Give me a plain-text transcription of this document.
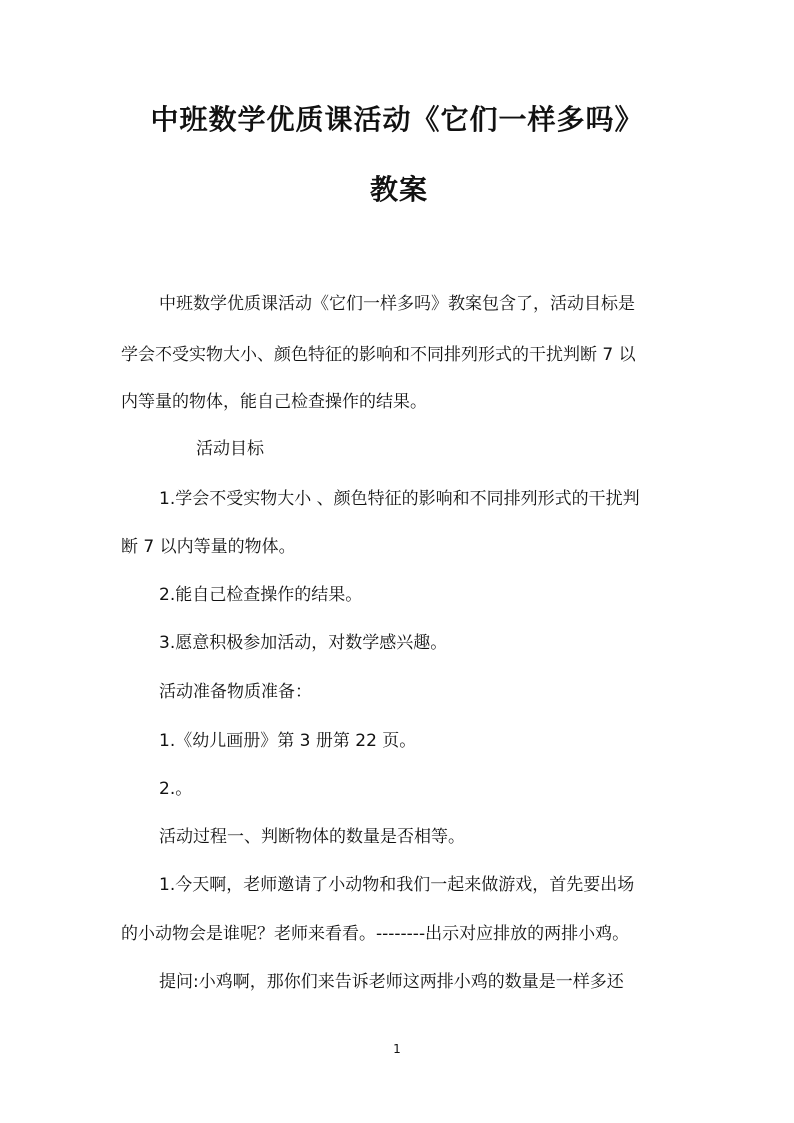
中班数学优质课活动《它们一样多吗》
教案
中班数学优质课活动《它们一样多吗》教案包含了，活动目标是
学会不受实物大小、颜色特征的影响和不同排列形式的干扰判断 7 以
内等量的物体，能自己检查操作的结果。
活动目标
1.学会不受实物大小 、颜色特征的影响和不同排列形式的干扰判
断 7 以内等量的物体。
2.能自己检查操作的结果。
3.愿意积极参加活动，对数学感兴趣。
活动准备物质准备：
1.《幼儿画册》第 3 册第 22 页。
2.。
活动过程一、判断物体的数量是否相等。
1.今天啊，老师邀请了小动物和我们一起来做游戏，首先要出场
的小动物会是谁呢？老师来看看。--------出示对应排放的两排小鸡。
提问:小鸡啊，那你们来告诉老师这两排小鸡的数量是一样多还
1
